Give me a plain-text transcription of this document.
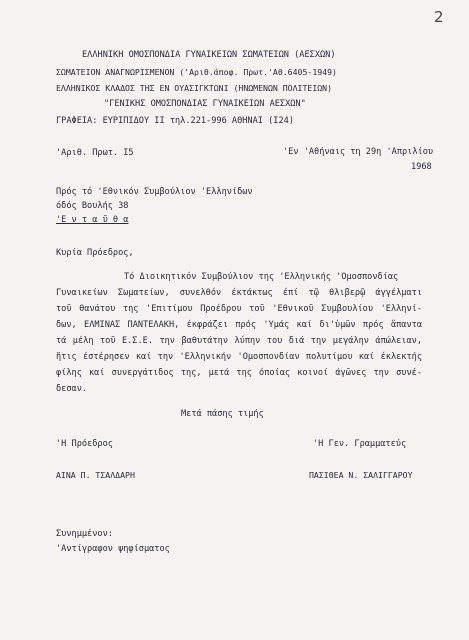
2
ΕΛΛΗΝΙΚΗ ΟΜΟΣΠΟΝΔΙΑ ΓΥΝΑΙΚΕΙΩΝ ΣΩΜΑΤΕΙΩΝ (ΑΕΣΧΩΝ)
ΣΩΜΑΤΕΙΟΝ ΑΝΑΓΝΩΡΙΣΜΕΝΟΝ ('Αριθ.άποφ. Πρωτ.'Αθ.6405-1949)
ΕΛΛΗΝΙΚΟΣ ΚΛΑΔΟΣ ΤΗΣ ΕΝ ΟΥΑΣΙΓΚΤΩΝΙ (ΗΝΩΜΕΝΩΝ ΠΟΛΙΤΕΙΩΝ)
"ΓΕΝΙΚΗΣ ΟΜΟΣΠΟΝΔΙΑΣ ΓΥΝΑΙΚΕΙΩΝ ΑΕΣΧΩΝ"
ΓΡΑΦΕΙΑ: ΕΥΡΙΠΙΔΟΥ ΙΙ τηλ.221-996 ΑΘΗΝΑΙ (Ι24)
'Αριθ. Πρωτ. Ι5	'Εν 'Αθήναις τη 29η 'Απριλίου
1968
Πρός τό 'Εθνικόν Συμβούλιον 'Ελληνίδων
όδός Βουλής 38
'Ε ν τ α ῦ θ α
Κυρία Πρόεδρος,
Τό Διοικητικόν Συμβούλιον της 'Ελληνικής 'Ομοσπονδίας
Γυναικείων Σωματείων, συνελθόν έκτάκτως έπί τῷ θλιβερῷ άγγέλματι
τοῦ θανάτου της 'Επιτίμου Προέδρου τοῦ 'Εθνικοῦ Συμβουλίου 'Ελληνί-
δων, ΕΛΜΙΝΑΣ ΠΑΝΤΕΛΑΚΗ, έκφράζει πρός 'Υμάς καί δι'ὑμῶν πρός ἅπαντα
τά μέλη τοῦ Ε.Σ.Ε. την βαθυτάτην λύπην του διά την μεγάλην άπώλειαν,
ἥτις έστέρησεν καί την 'Ελληνικήν 'Ομοσπονδίαν πολυτίμου καί έκλεκτής
φίλης καί συνεργάτιδος της, μετά της όποίας κοινοί άγῶνες την συνέ-
δεσαν.
Μετά πάσης τιμής
'Η Πρόεδρος	'Η Γεν. Γραμματεύς
ΑΙΝΑ Π. ΤΣΑΛΔΑΡΗ	ΠΑΣΙΘΕΑ Ν. ΣΑΛΙΓΓΑΡΟΥ
Συνημμένον:
'Αντίγραφον ψηφίσματος
